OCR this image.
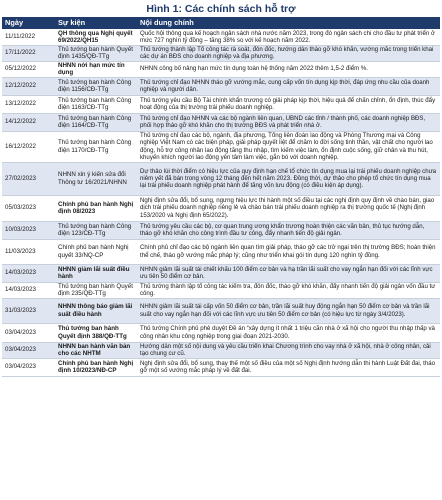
Hình 1: Các chính sách hỗ trợ
Ngày	Sự kiện	Nội dung chính
11/11/2022	QH thông qua Nghị quyết 69/2022/QH15	Quốc hội thông qua kế hoạch ngân sách nhà nước năm 2023, trong đó ngân sách chi cho đầu tư phát triển ở mức 727 nghìn tỷ đồng – tăng 38% so với kế hoạch năm 2022.
17/11/2022	Thủ tướng ban hành Quyết định 1435/QĐ-TTg	Thủ tướng thành lập Tổ công tác rà soát, đôn đốc, hướng dẫn tháo gỡ khó khăn, vướng mắc trong triển khai các dự án BĐS cho doanh nghiệp và địa phương.
05/12/2022	NHNN nới hạn mức tín dụng	NHNN công bố nâng hạn mức tín dụng toàn hệ thống năm 2022 thêm 1,5-2 điểm %.
12/12/2022	Thủ tướng ban hành Công điện 1156/CĐ-TTg	Thủ tướng chỉ đạo NHNN tháo gỡ vướng mắc, cung cấp vốn tín dụng kịp thời, đáp ứng nhu cầu của doanh nghiệp và người dân.
13/12/2022	Thủ tướng ban hành Công điện 1163/CĐ-TTg	Thủ tướng yêu cầu Bộ Tài chính khẩn trương có giải pháp kịp thời, hiệu quả để chấn chỉnh, ổn định, thúc đẩy hoạt động của thị trường trái phiếu doanh nghiệp.
14/12/2022	Thủ tướng ban hành Công điện 1164/CĐ-TTg	Thủ tướng chỉ đạo NHNN và các bộ ngành liên quan, UBND các tỉnh / thành phố, các doanh nghiệp BĐS, phối hợp tháo gỡ khó khăn cho thị trường BĐS và phát triển nhà ở.
16/12/2022	Thủ tướng ban hành Công điện 1170/CĐ-TTg	Thủ tướng chỉ đạo các bộ, ngành, địa phương, Tổng liên đoàn lao động và Phòng Thương mại và Công nghiệp Việt Nam có các biện pháp, giải pháp quyết liệt để chăm lo đời sống tinh thần, vật chất cho người lao động, hỗ trợ công nhân lao động tăng thu nhập, tìm kiếm việc làm, ổn định cuộc sống, giữ chân và thu hút, khuyến khích người lao động yên tâm làm việc, gắn bó với doanh nghiệp.
27/02/2023	NHNN xin ý kiến sửa đổi Thông tư 16/2021/NHNN	Dự thảo lùi thời điểm có hiệu lực của quy định hạn chế tổ chức tín dụng mua lại trái phiếu doanh nghiệp chưa niêm yết đã bán trong vòng 12 tháng đến hết năm 2023. Đồng thời, dự thảo cho phép tổ chức tín dụng mua lại trái phiếu doanh nghiệp phát hành để tăng vốn lưu động (có điều kiện áp dụng).
05/03/2023	Chính phủ ban hành Nghị định 08/2023	Nghị định sửa đổi, bổ sung, ngưng hiệu lực thi hành một số điều tại các nghị định quy định về chào bán, giao dịch trái phiếu doanh nghiệp riêng lẻ và chào bán trái phiếu doanh nghiệp ra thị trường quốc tế (Nghị định 153/2020 và Nghị định 65/2022).
10/03/2023	Thủ tướng ban hành Công điện 123/CĐ-TTg	Thủ tướng yêu cầu các bộ, cơ quan trung ương khẩn trương hoàn thiện các văn bản, thủ tục hướng dẫn, tháo gỡ khó khăn cho công trình đầu tư công, đẩy nhanh tiến độ giải ngân.
11/03/2023	Chính phủ ban hành Nghị quyết 33/NQ-CP	Chính phủ chỉ đạo các bộ ngành liên quan tìm giải pháp, tháo gỡ các trở ngại trên thị trường BĐS; hoàn thiện thể chế, tháo gỡ vướng mắc pháp lý; cũng như triển khai gói tín dụng 120 nghìn tỷ đồng.
14/03/2023	NHNN giảm lãi suất điều hành	NHNN giảm lãi suất tái chiết khấu 100 điểm cơ bản và hạ trần lãi suất cho vay ngắn hạn đối với các lĩnh vực ưu tiên 50 điểm cơ bản.
14/03/2023	Thủ tướng ban hành Quyết định 235/QĐ-TTg	Thủ tướng thành lập tổ công tác kiểm tra, đôn đốc, tháo gỡ khó khăn, đẩy nhanh tiến độ giải ngân vốn đầu tư công.
31/03/2023	NHNN thông báo giảm lãi suất điều hành	NHNN giảm lãi suất tái cấp vốn 50 điểm cơ bản, trần lãi suất huy động ngắn hạn 50 điểm cơ bản và trần lãi suất cho vay ngắn hạn đối với các lĩnh vực ưu tiên 50 điểm cơ bản (có hiệu lực từ ngày 3/4/2023).
03/04/2023	Thủ tướng ban hành Quyết định 388/QĐ-TTg	Thủ tướng Chính phủ phê duyệt Đề án “xây dựng ít nhất 1 triệu căn nhà ở xã hội cho người thu nhập thấp và công nhân khu công nghiệp trong giai đoạn 2021-2030.
03/04/2023	NHNN ban hành văn bản cho các NHTM	Hướng dẫn một số nội dung và yêu cầu triển khai Chương trình cho vay nhà ở xã hội, nhà ở công nhân, cải tạo chung cư cũ.
03/04/2023	Chính phủ ban hành Nghị định 10/2023/NĐ-CP	Nghị định sửa đổi, bổ sung, thay thế một số điều của một số Nghị định hướng dẫn thi hành Luật Đất đai, tháo gỡ một số vướng mắc pháp lý về đất đai.
